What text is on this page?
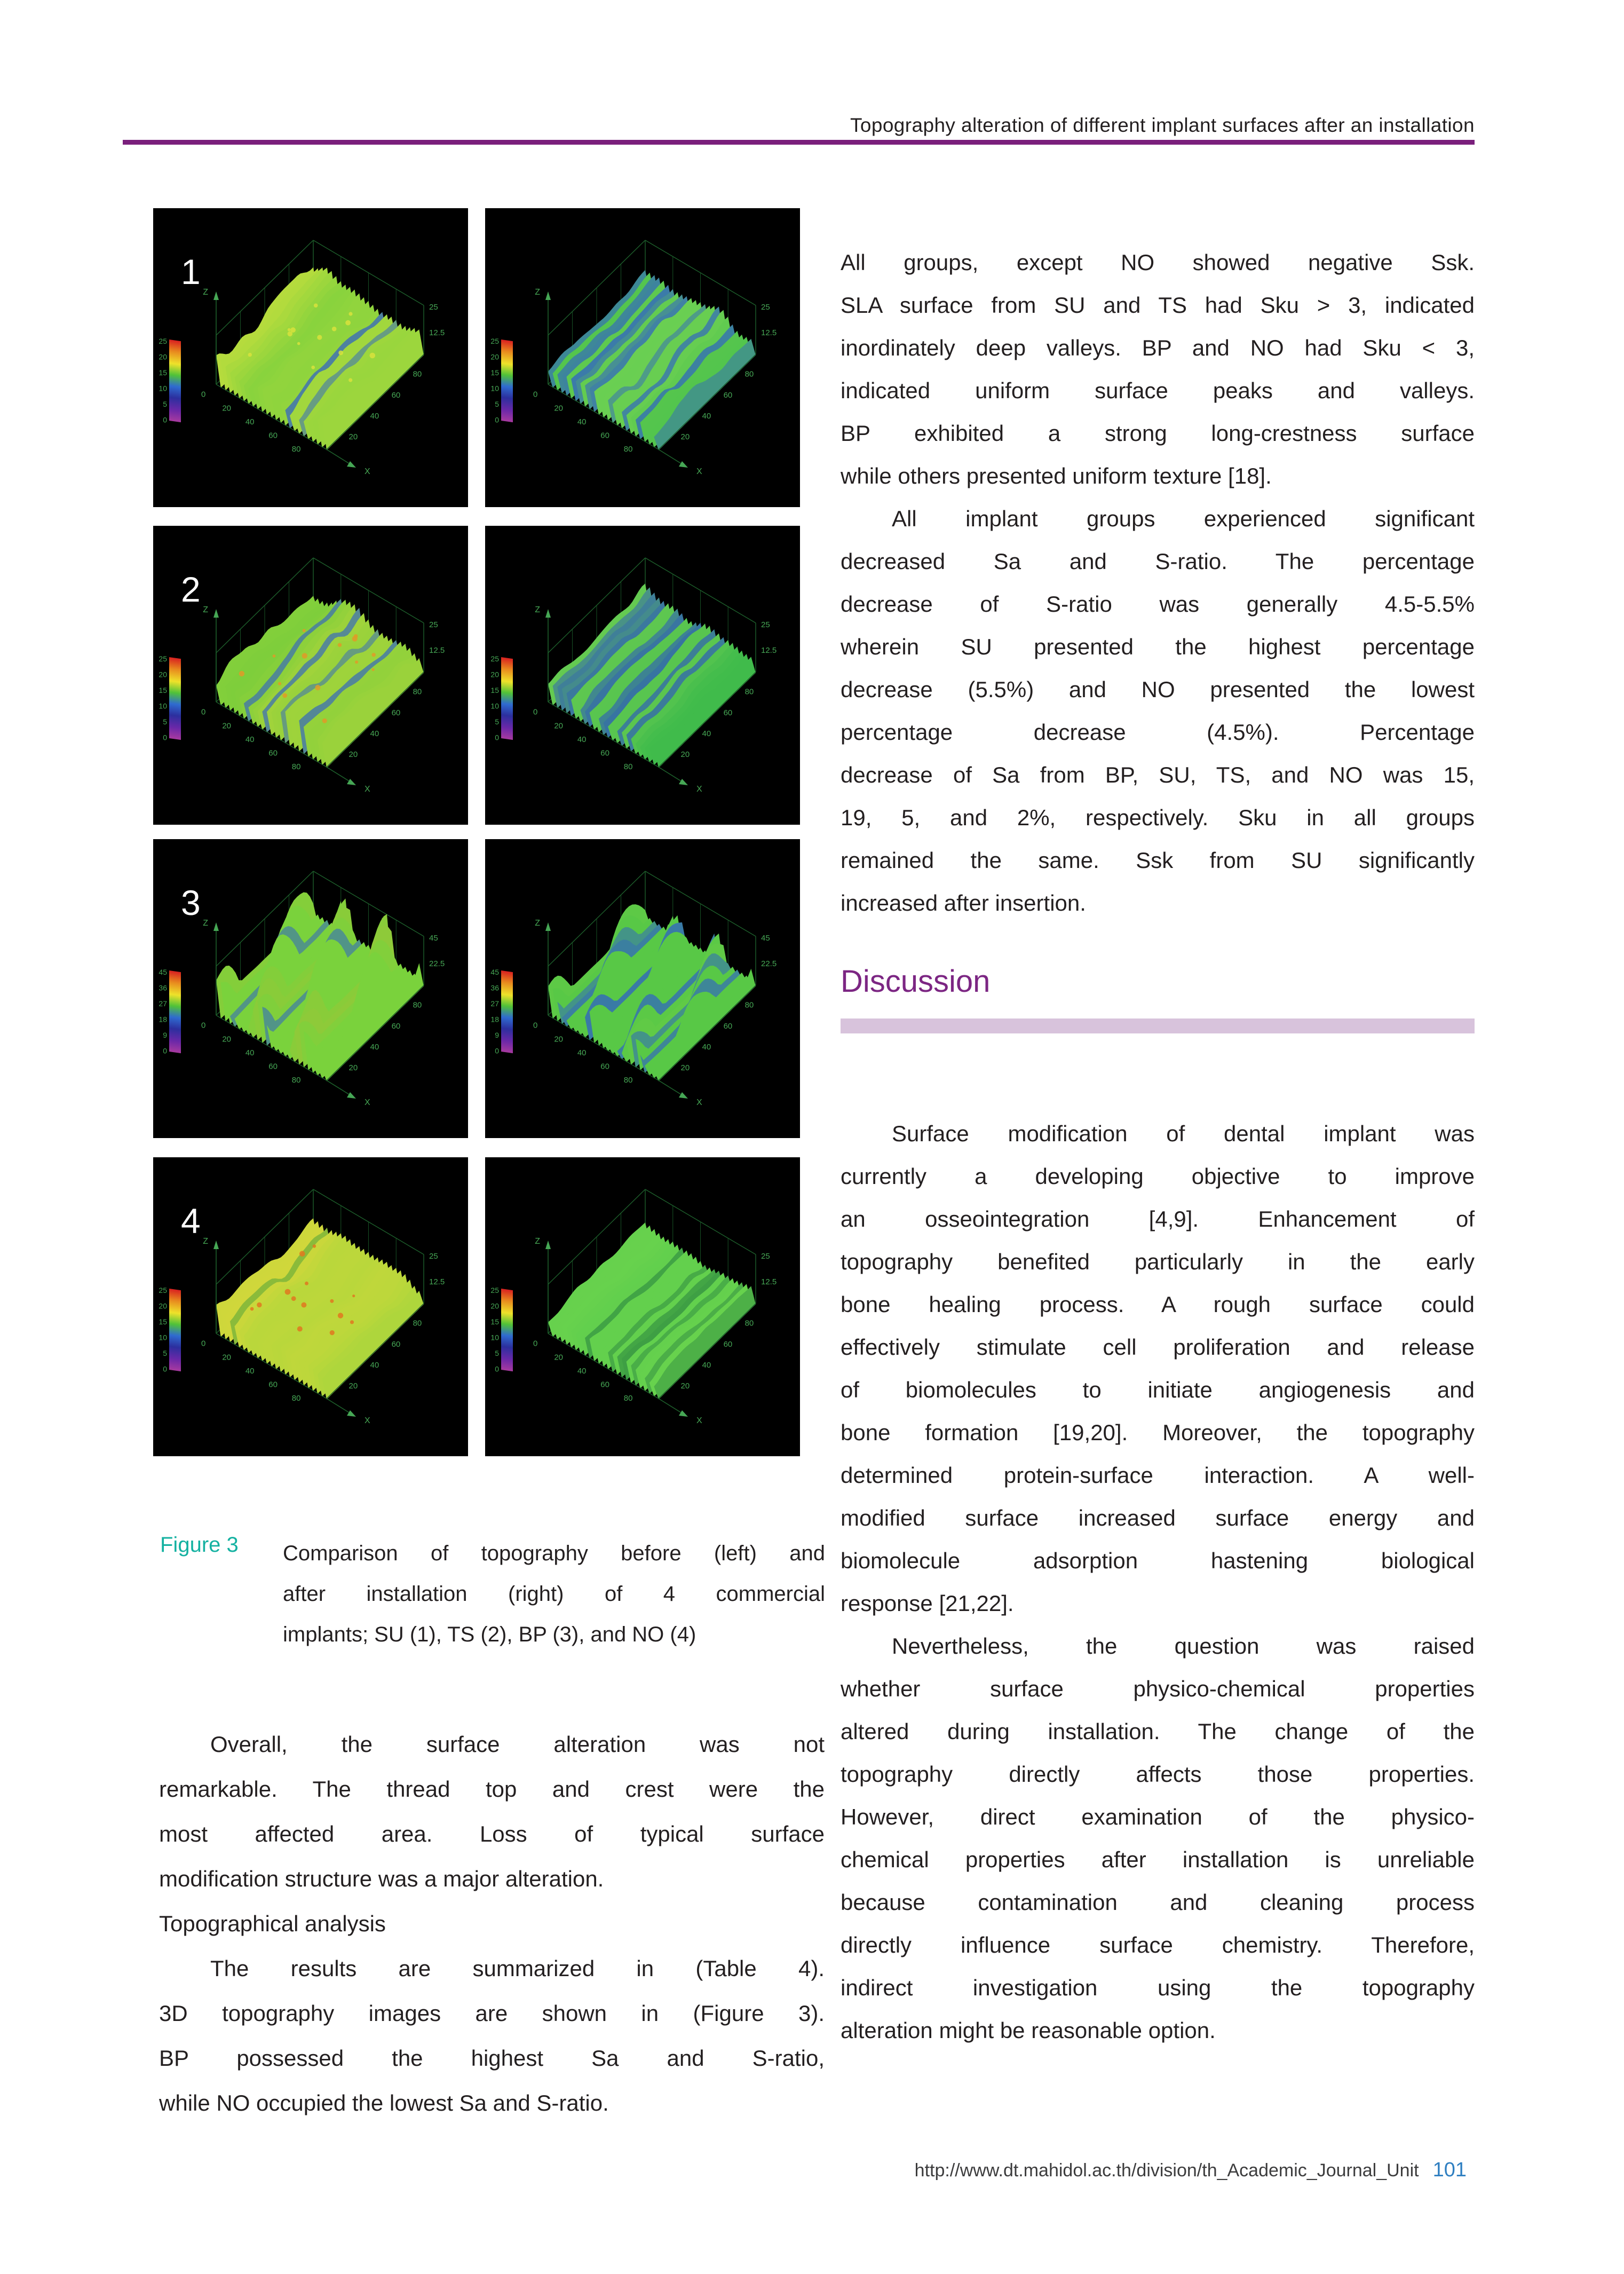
Topography alteration of different implant surfaces after an installation
Z
X
0
20
40
60
80
80
60
40
20
25
12.5
25
20
15
10
5
0
1
Z
X
0
20
40
60
80
80
60
40
20
25
12.5
25
20
15
10
5
0
Z
X
0
20
40
60
80
80
60
40
20
25
12.5
25
20
15
10
5
0
2
Z
X
0
20
40
60
80
80
60
40
20
25
12.5
25
20
15
10
5
0
Z
X
0
20
40
60
80
80
60
40
20
45
22.5
45
36
27
18
9
0
3
Z
X
0
20
40
60
80
80
60
40
20
45
22.5
45
36
27
18
9
0
Z
X
0
20
40
60
80
80
60
40
20
25
12.5
25
20
15
10
5
0
4
Z
X
0
20
40
60
80
80
60
40
20
25
12.5
25
20
15
10
5
0
Figure 3 Comparison of topography before (left) and
after installation (right) of 4 commercial
implants; SU (1), TS (2), BP (3), and NO (4)
Overall, the surface alteration was not
remarkable. The thread top and crest were the
most affected area. Loss of typical surface
modification structure was a major alteration.
Topographical analysis
The results are summarized in (Table 4).
3D topography images are shown in (Figure 3).
BP possessed the highest Sa and S-ratio,
while NO occupied the lowest Sa and S-ratio.
All groups, except NO showed negative Ssk.
SLA surface from SU and TS had Sku > 3, indicated
inordinately deep valleys. BP and NO had Sku < 3,
indicated uniform surface peaks and valleys.
BP exhibited a strong long-crestness surface
while others presented uniform texture [18].
All implant groups experienced significant
decreased Sa and S-ratio. The percentage
decrease of S-ratio was generally 4.5-5.5%
wherein SU presented the highest percentage
decrease (5.5%) and NO presented the lowest
percentage decrease (4.5%). Percentage
decrease of Sa from BP, SU, TS, and NO was 15,
19, 5, and 2%, respectively. Sku in all groups
remained the same. Ssk from SU significantly
increased after insertion.
Discussion
Surface modification of dental implant was
currently a developing objective to improve
an osseointegration [4,9]. Enhancement of
topography benefited particularly in the early
bone healing process. A rough surface could
effectively stimulate cell proliferation and release
of biomolecules to initiate angiogenesis and
bone formation [19,20]. Moreover, the topography
determined protein-surface interaction. A well-
modified surface increased surface energy and
biomolecule adsorption hastening biological
response [21,22].
Nevertheless, the question was raised
whether surface physico-chemical properties
altered during installation. The change of the
topography directly affects those properties.
However, direct examination of the physico-
chemical properties after installation is unreliable
because contamination and cleaning process
directly influence surface chemistry. Therefore,
indirect investigation using the topography
alteration might be reasonable option.
http://www.dt.mahidol.ac.th/division/th_Academic_Journal_Unit 101
